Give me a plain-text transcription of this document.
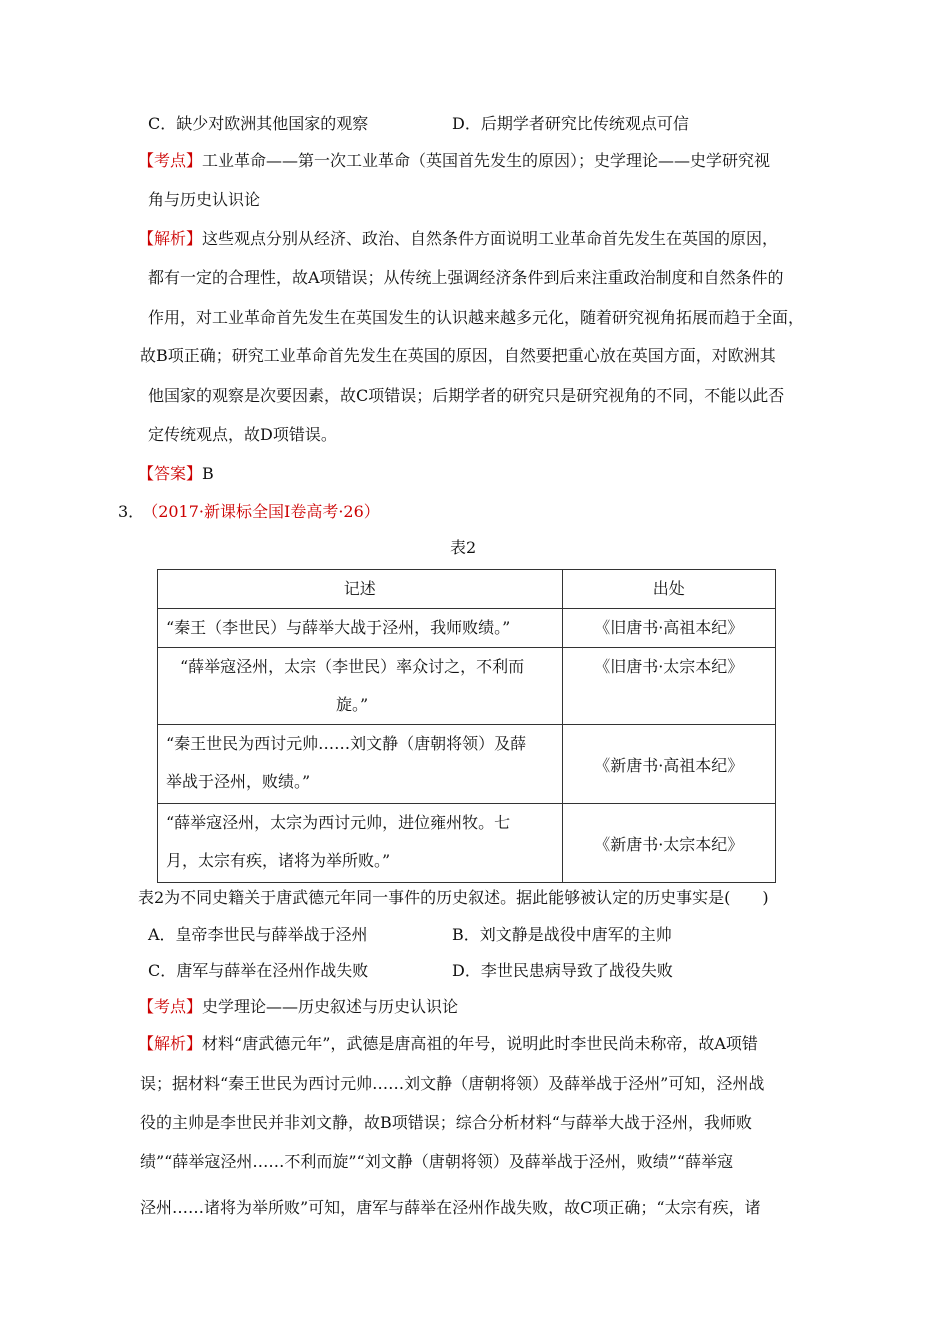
C．缺少对欧洲其他国家的观察	D．后期学者研究比传统观点可信
【考点】工业革命——第一次工业革命（英国首先发生的原因）；史学理论——史学研究视
角与历史认识论
【解析】这些观点分别从经济、政治、自然条件方面说明工业革命首先发生在英国的原因，
都有一定的合理性，故A项错误；从传统上强调经济条件到后来注重政治制度和自然条件的
作用，对工业革命首先发生在英国发生的认识越来越多元化，随着研究视角拓展而趋于全面，
故B项正确；研究工业革命首先发生在英国的原因，自然要把重心放在英国方面，对欧洲其
他国家的观察是次要因素，故C项错误；后期学者的研究只是研究视角的不同，不能以此否
定传统观点，故D项错误。
【答案】B
3． （2017·新课标全国Ⅰ卷高考·26）
表2
记述	出处

“秦王（李世民）与薛举大战于泾州，我师败绩。”	《旧唐书·高祖本纪》

“薛举寇泾州，太宗（李世民）率众讨之，不利而
旋。”	《旧唐书·太宗本纪》

“秦王世民为西讨元帅……刘文静（唐朝将领）及薛
举战于泾州，败绩。”	《新唐书·高祖本纪》

“薛举寇泾州，太宗为西讨元帅，进位雍州牧。七
月，太宗有疾，诸将为举所败。”	《新唐书·太宗本纪》
表2为不同史籍关于唐武德元年同一事件的历史叙述。据此能够被认定的历史事实是(　　)
A．皇帝李世民与薛举战于泾州	B．刘文静是战役中唐军的主帅
C．唐军与薛举在泾州作战失败	D．李世民患病导致了战役失败
【考点】史学理论——历史叙述与历史认识论
【解析】材料“唐武德元年”，武德是唐高祖的年号，说明此时李世民尚未称帝，故A项错
误；据材料“秦王世民为西讨元帅……刘文静（唐朝将领）及薛举战于泾州”可知，泾州战
役的主帅是李世民并非刘文静，故B项错误；综合分析材料“与薛举大战于泾州，我师败
绩”“薛举寇泾州……不利而旋”“刘文静（唐朝将领）及薛举战于泾州，败绩”“薛举寇
泾州……诸将为举所败”可知，唐军与薛举在泾州作战失败，故C项正确；“太宗有疾，诸
